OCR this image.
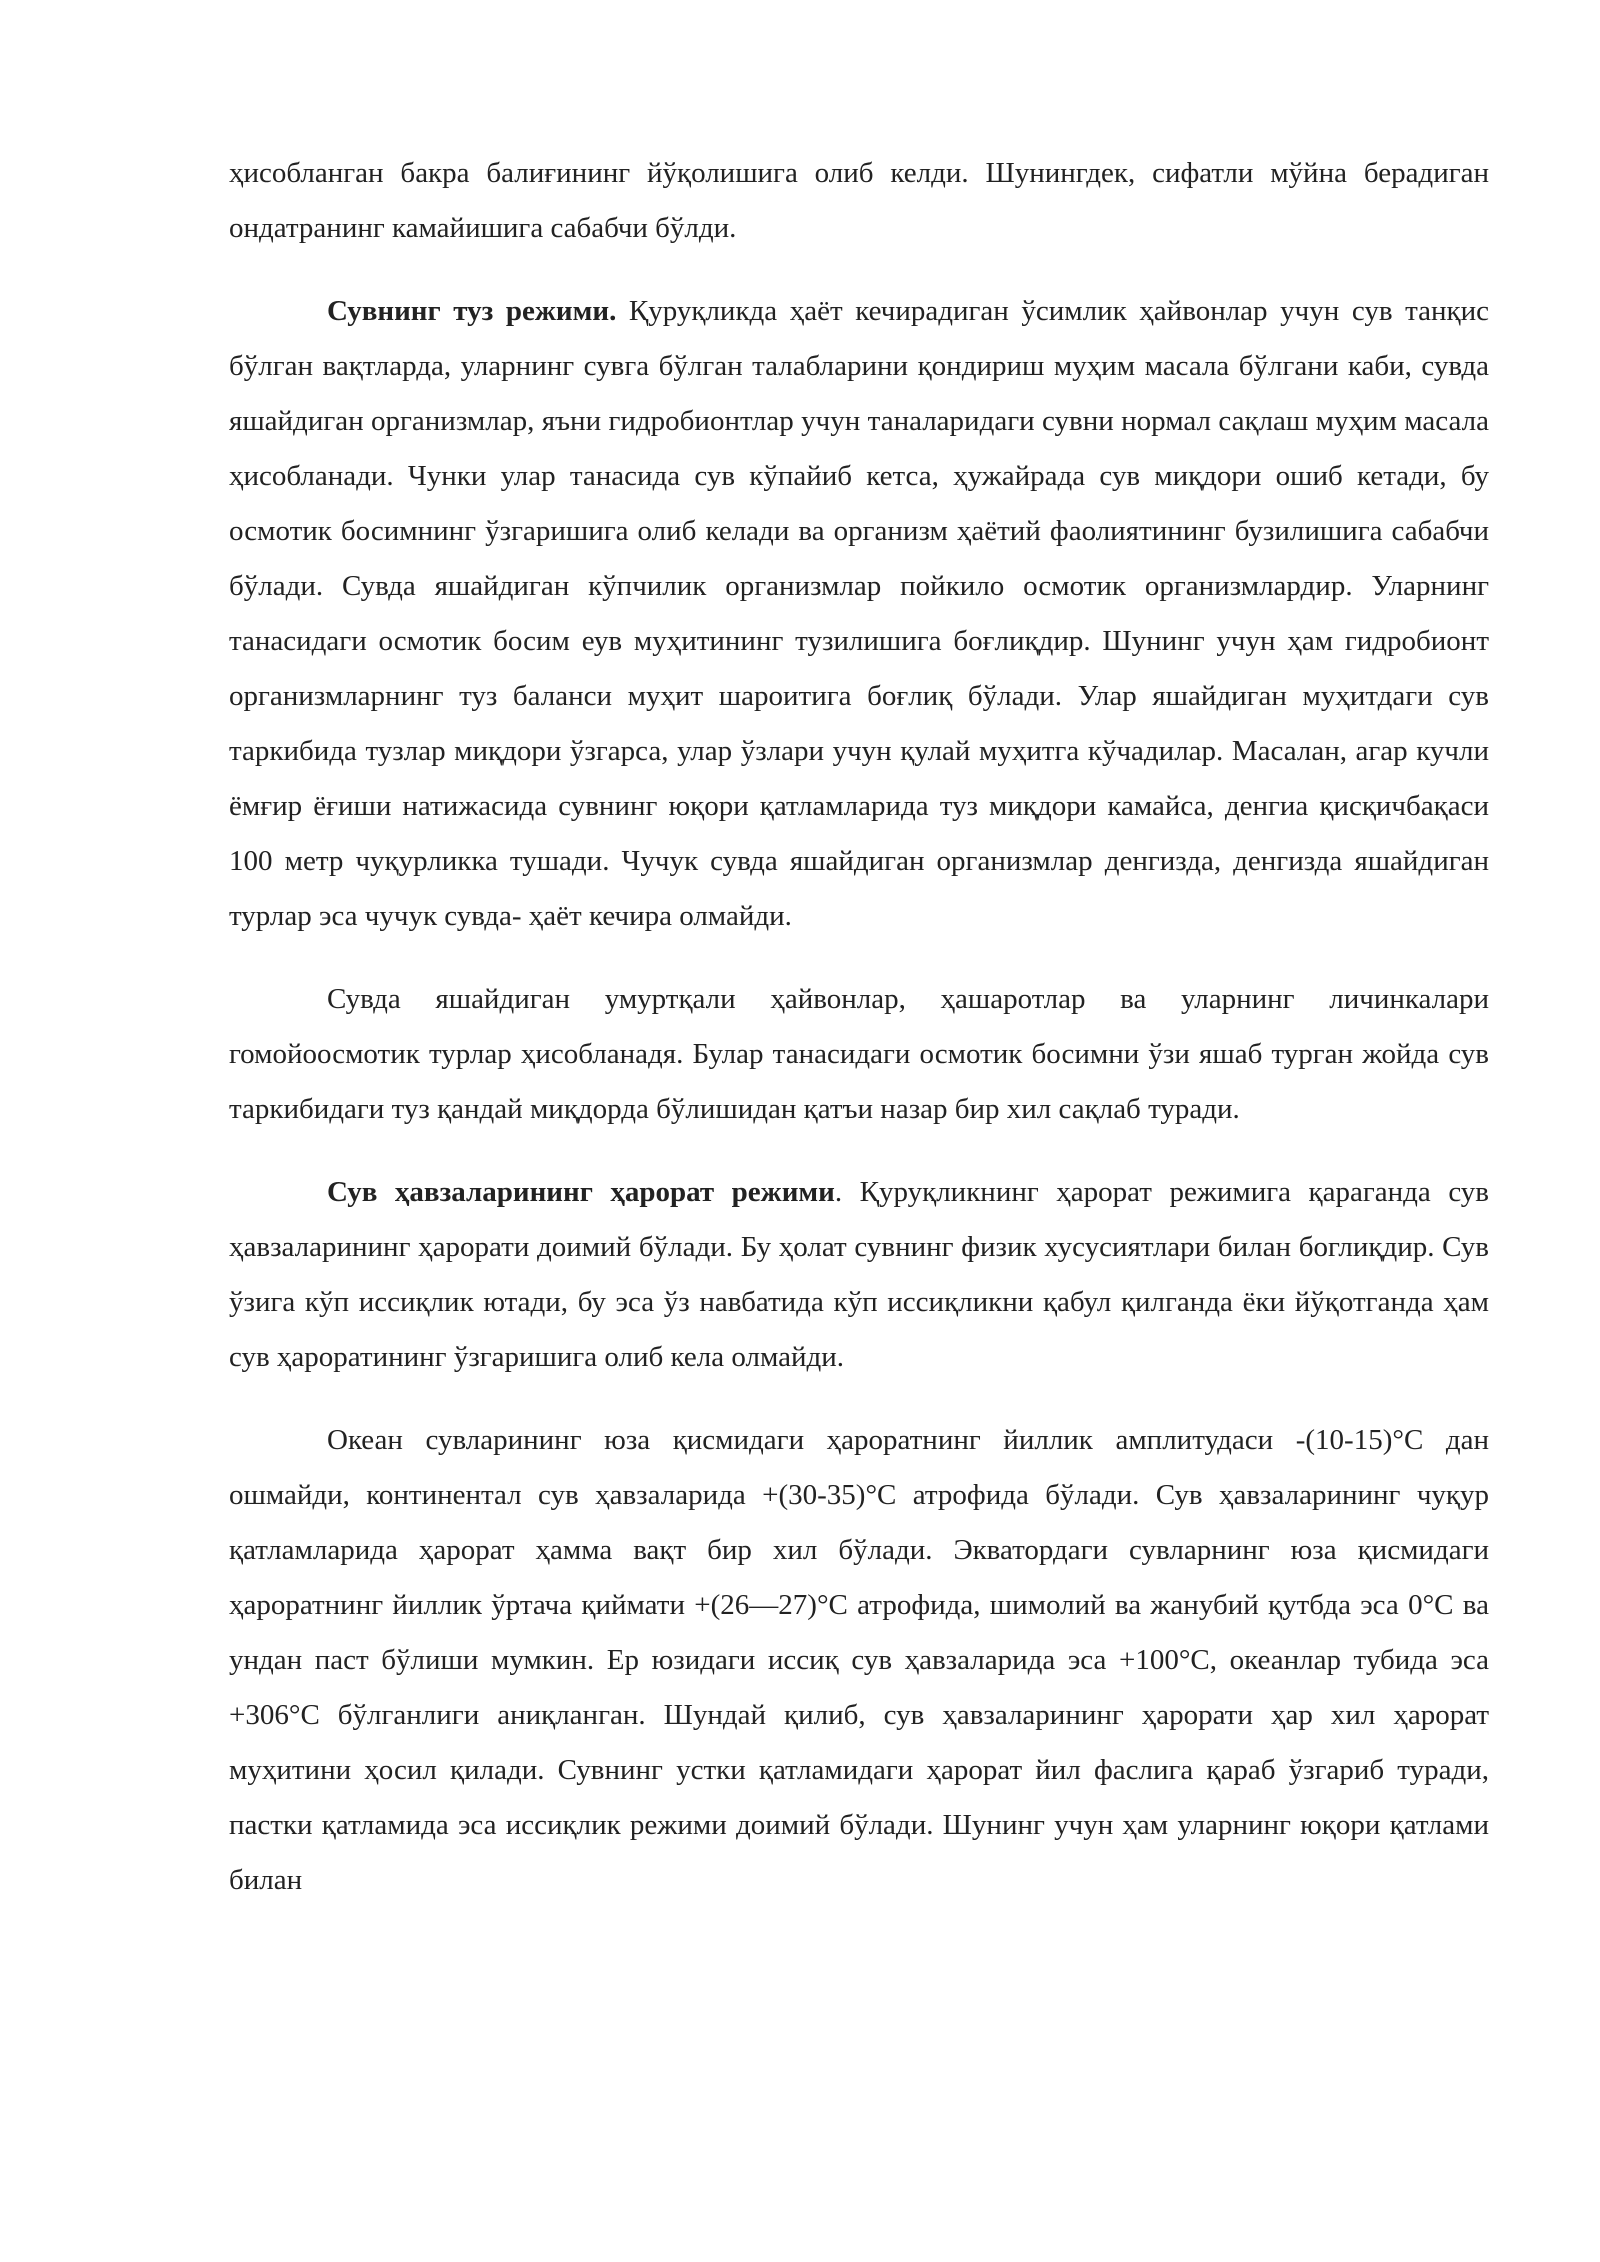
ҳисобланган бакра балиғининг йўқолишига олиб келди. Шунингдек, сифатли мўйна берадиган ондатранинг камайишига сабабчи бўлди.

Сувнинг туз режими. Қуруқликда ҳаёт кечирадиган ўсимлик ҳайвонлар учун сув танқис бўлган вақтларда, уларнинг сувга бўлган талабларини қондириш муҳим масала бўлгани каби, сувда яшайдиган организмлар, яъни гидробионтлар учун таналаридаги сувни нормал сақлаш муҳим масала ҳисобланади. Чунки улар танасида сув кўпайиб кетса, ҳужайрада сув миқдори ошиб кетади, бу осмотик босимнинг ўзгаришига олиб келади ва организм ҳаётий фаолиятининг бузилишига сабабчи бўлади. Сувда яшайдиган кўпчилик организмлар пойкило осмотик организмлардир. Уларнинг танасидаги осмотик босим еув муҳитининг тузилишига боғлиқдир. Шунинг учун ҳам гидробионт организмларнинг туз баланси муҳит шароитига боғлиқ бўлади. Улар яшайдиган муҳитдаги сув таркибида тузлар миқдори ўзгарса, улар ўзлари учун қулай муҳитга кўчадилар. Масалан, агар кучли ёмғир ёғиши натижасида сувнинг юқори қатламларида туз миқдори камайса, денгиа қисқичбақаси 100 метр чуқурликка тушади. Чучук сувда яшайдиган организмлар денгизда, денгизда яшайдиган турлар эса чучук сувда- ҳаёт кечира олмайди.

Сувда яшайдиган умуртқали ҳайвонлар, ҳашаротлар ва уларнинг личинкалари гомойоосмотик турлар ҳисобланадя. Булар танасидаги осмотик босимни ўзи яшаб турган жойда сув таркибидаги туз қандай миқдорда бўлишидан қатъи назар бир хил сақлаб туради.

Сув ҳавзаларининг ҳарорат режими. Қуруқликнинг ҳарорат режимига қараганда сув ҳавзаларининг ҳарорати доимий бўлади. Бу ҳолат сувнинг физик хусусиятлари билан боглиқдир. Сув ўзига кўп иссиқлик ютади, бу эса ўз навбатида кўп иссиқликни қабул қилганда ёки йўқотганда ҳам сув ҳароратининг ўзгаришига олиб кела олмайди.

Океан сувларининг юза қисмидаги ҳароратнинг йиллик амплитудаси -(10-15)°С дан ошмайди, континентал сув ҳавзаларида +(30-35)°С атрофида бўлади. Сув ҳавзаларининг чуқур қатламларида ҳарорат ҳамма вақт бир хил бўлади. Экватордаги сувларнинг юза қисмидаги ҳароратнинг йиллик ўртача қиймати +(26—27)°С атрофида, шимолий ва жанубий қутбда эса 0°С ва ундан паст бўлиши мумкин. Ер юзидаги иссиқ сув ҳавзаларида эса +100°С, океанлар тубида эса +306°С бўлганлиги аниқланган. Шундай қилиб, сув ҳавзаларининг ҳарорати ҳар хил ҳарорат муҳитини ҳосил қилади. Сувнинг устки қатламидаги ҳарорат йил фаслига қараб ўзгариб туради, пастки қатламида эса иссиқлик режими доимий бўлади. Шунинг учун ҳам уларнинг юқори қатлами билан
